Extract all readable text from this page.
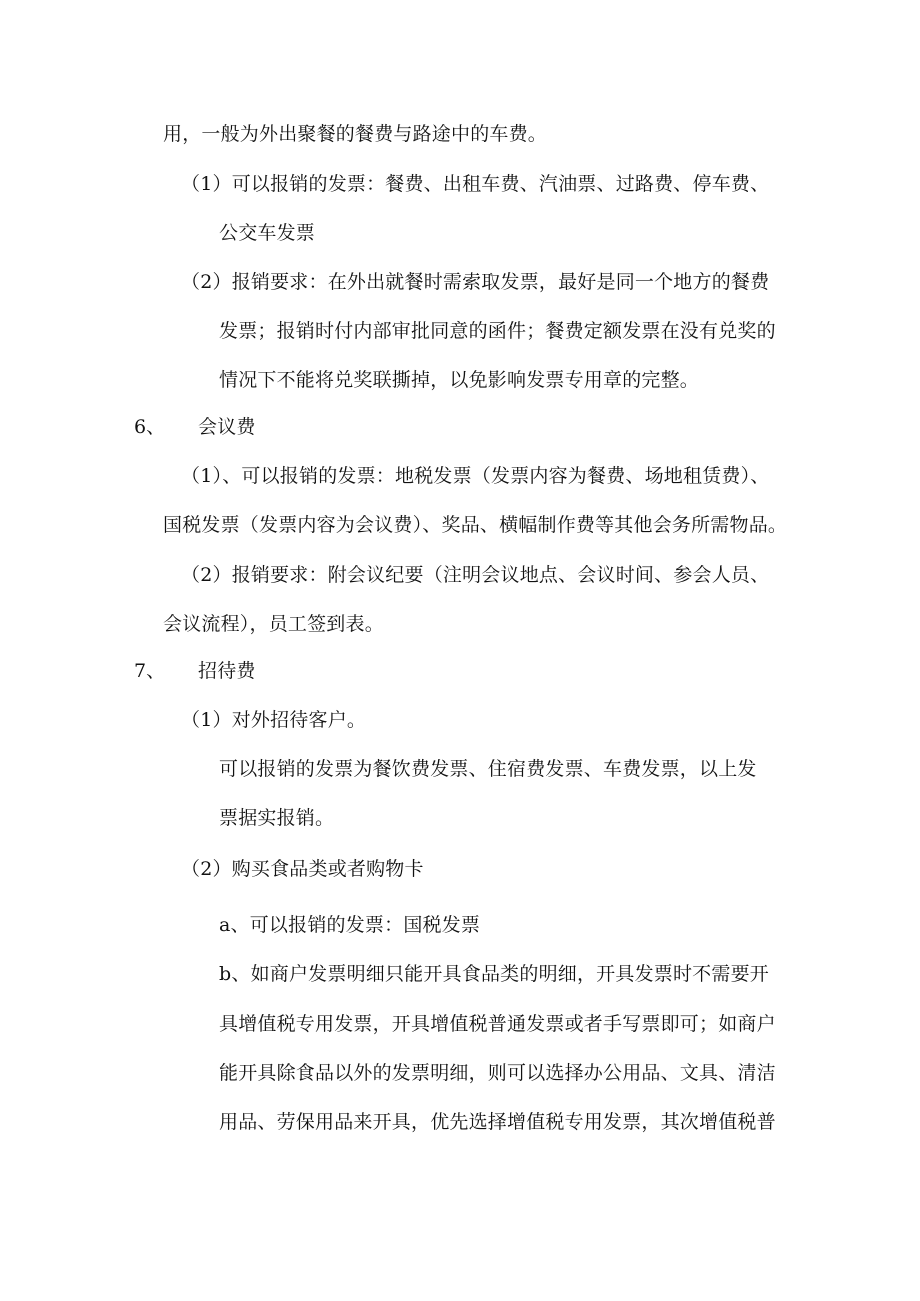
用，一般为外出聚餐的餐费与路途中的车费。
（1）可以报销的发票：餐费、出租车费、汽油票、过路费、停车费、
公交车发票
（2）报销要求：在外出就餐时需索取发票，最好是同一个地方的餐费
发票；报销时付内部审批同意的函件；餐费定额发票在没有兑奖的
情况下不能将兑奖联撕掉，以免影响发票专用章的完整。
6、 会议费
（1）、可以报销的发票：地税发票（发票内容为餐费、场地租赁费）、
国税发票（发票内容为会议费）、奖品、横幅制作费等其他会务所需物品。
（2）报销要求：附会议纪要（注明会议地点、会议时间、参会人员、
会议流程），员工签到表。
7、 招待费
（1）对外招待客户。
可以报销的发票为餐饮费发票、住宿费发票、车费发票，以上发
票据实报销。
（2）购买食品类或者购物卡
a、可以报销的发票：国税发票
b、如商户发票明细只能开具食品类的明细，开具发票时不需要开
具增值税专用发票，开具增值税普通发票或者手写票即可；如商户
能开具除食品以外的发票明细，则可以选择办公用品、文具、清洁
用品、劳保用品来开具，优先选择增值税专用发票，其次增值税普
